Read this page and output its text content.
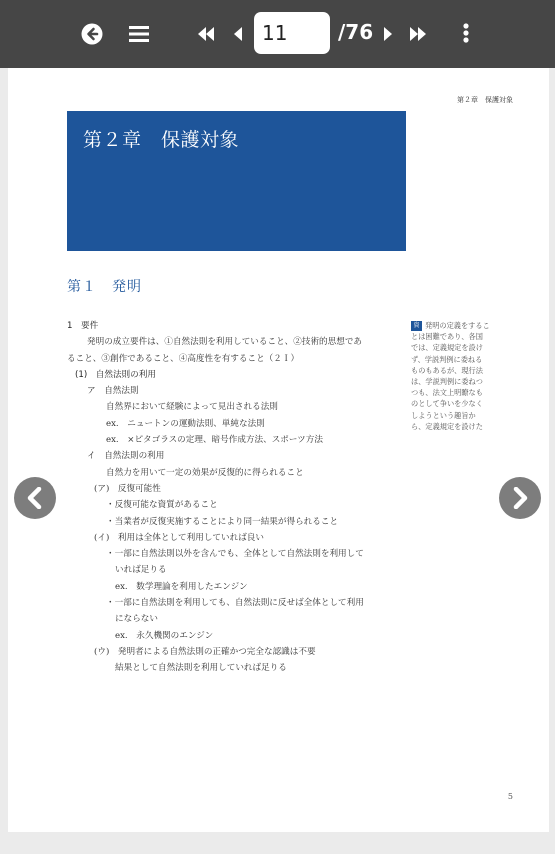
11
/76
第２章　保護対象
第２章　保護対象
第１　発明
1　要件
発明の成立要件は、①自然法則を利用していること、②技術的思想であ
ること、③創作であること、④高度性を有すること（２Ｉ）
(1)　自然法則の利用
ア　自然法則
自然界において経験によって見出される法則
ex.　ニュートンの運動法則、単純な法則
ex.　×ピタゴラスの定理、暗号作成方法、スポーツ方法
イ　自然法則の利用
自然力を用いて一定の効果が反復的に得られること
(ア)　反復可能性
・反復可能な資質があること
・当業者が反復実施することにより同一結果が得られること
(イ)　利用は全体として利用していれば良い
・一部に自然法則以外を含んでも、全体として自然法則を利用して
いれば足りる
ex.　数学理論を利用したエンジン
・一部に自然法則を利用しても、自然法則に反せば全体として利用
にならない
ex.　永久機関のエンジン
(ウ)　発明者による自然法則の正確かつ完全な認識は不要
結果として自然法則を利用していれば足りる
資 発明の定義をするこ
とは困難であり、各国
では、定義規定を設け
ず、学説判例に委ねる
ものもあるが、現行法
は、学説判例に委ねつ
つも、法文上明瞭なも
のとして争いを少なく
しようという趣旨か
ら、定義規定を設けた
5
